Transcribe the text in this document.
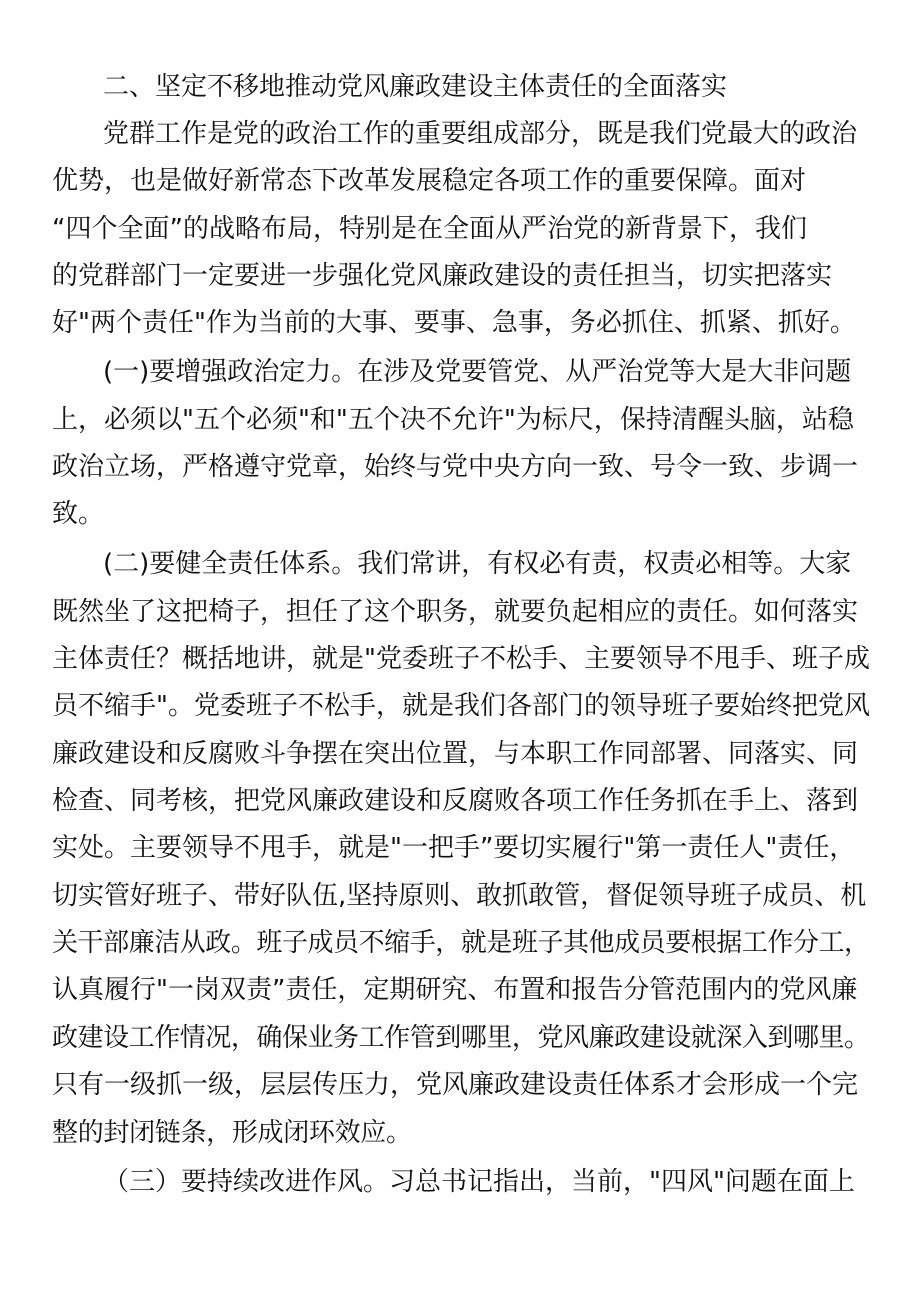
二、坚定不移地推动党风廉政建设主体责任的全面落实

党群工作是党的政治工作的重要组成部分，既是我们党最大的政治

优势，也是做好新常态下改革发展稳定各项工作的重要保障。面对

“四个全面”的战略布局，特别是在全面从严治党的新背景下，我们

的党群部门一定要进一步强化党风廉政建设的责任担当，切实把落实

好"两个责任"作为当前的大事、要事、急事，务必抓住、抓紧、抓好。

(一)要增强政治定力。在涉及党要管党、从严治党等大是大非问题

上，必须以"五个必须"和"五个决不允许"为标尺，保持清醒头脑，站稳

政治立场，严格遵守党章，始终与党中央方向一致、号令一致、步调一

致。

(二)要健全责任体系。我们常讲，有权必有责，权责必相等。大家

既然坐了这把椅子，担任了这个职务，就要负起相应的责任。如何落实

主体责任？概括地讲，就是"党委班子不松手、主要领导不甩手、班子成

员不缩手"。党委班子不松手，就是我们各部门的领导班子要始终把党风

廉政建设和反腐败斗争摆在突出位置，与本职工作同部署、同落实、同

检查、同考核，把党风廉政建设和反腐败各项工作任务抓在手上、落到

实处。主要领导不甩手，就是"一把手”要切实履行"第一责任人"责任，

切实管好班子、带好队伍,坚持原则、敢抓敢管，督促领导班子成员、机

关干部廉洁从政。班子成员不缩手，就是班子其他成员要根据工作分工，

认真履行"一岗双责”责任，定期研究、布置和报告分管范围内的党风廉

政建设工作情况，确保业务工作管到哪里，党风廉政建设就深入到哪里。

只有一级抓一级，层层传压力，党风廉政建设责任体系才会形成一个完

整的封闭链条，形成闭环效应。

（三）要持续改进作风。习总书记指出，当前，"四风"问题在面上
